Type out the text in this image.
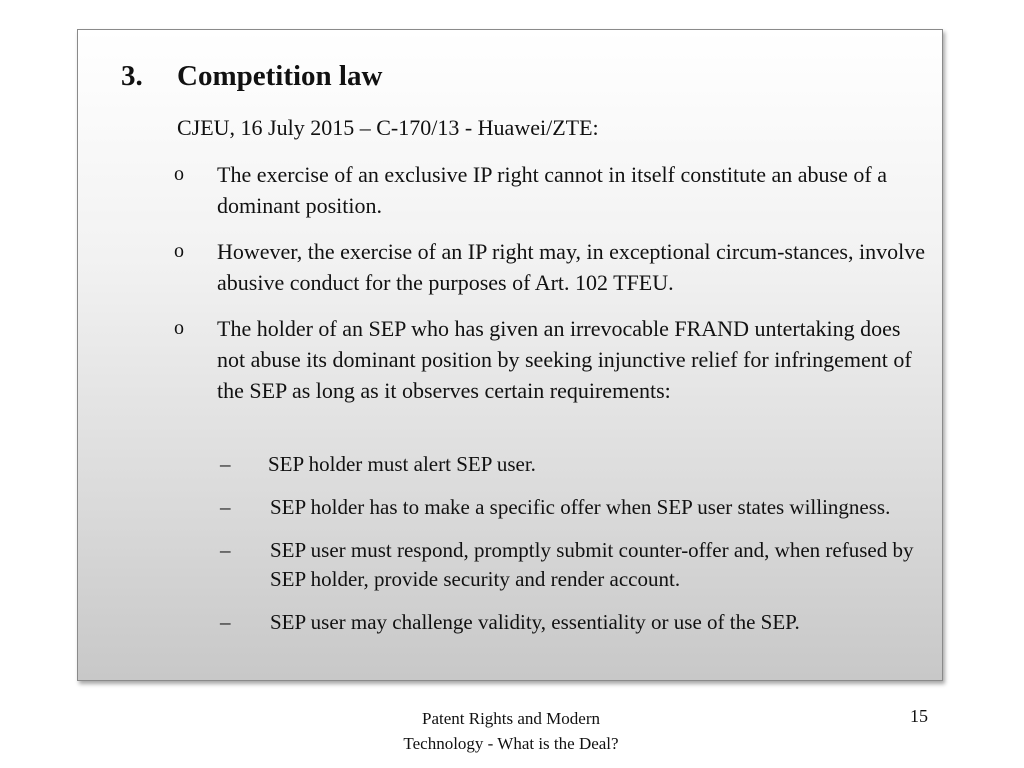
3.	Competition law
CJEU, 16 July 2015 – C-170/13 - Huawei/ZTE:
o	The exercise of an exclusive IP right cannot in itself constitute an abuse of a dominant position.
o	However, the exercise of an IP right may, in exceptional circum-stances, involve abusive conduct for the purposes of Art. 102 TFEU.
o	The holder of an SEP who has given an irrevocable FRAND untertaking does not abuse its dominant position by seeking injunctive relief for infringement of the SEP as long as it observes certain requirements:
–	SEP holder must alert SEP user.
–	SEP holder has to make a specific offer when SEP user states willingness.
–	SEP user must respond, promptly submit counter-offer and, when refused by SEP holder, provide security and render account.
–	SEP user may challenge validity, essentiality or use of the SEP.
Patent Rights and Modern
Technology - What is the Deal?
15
